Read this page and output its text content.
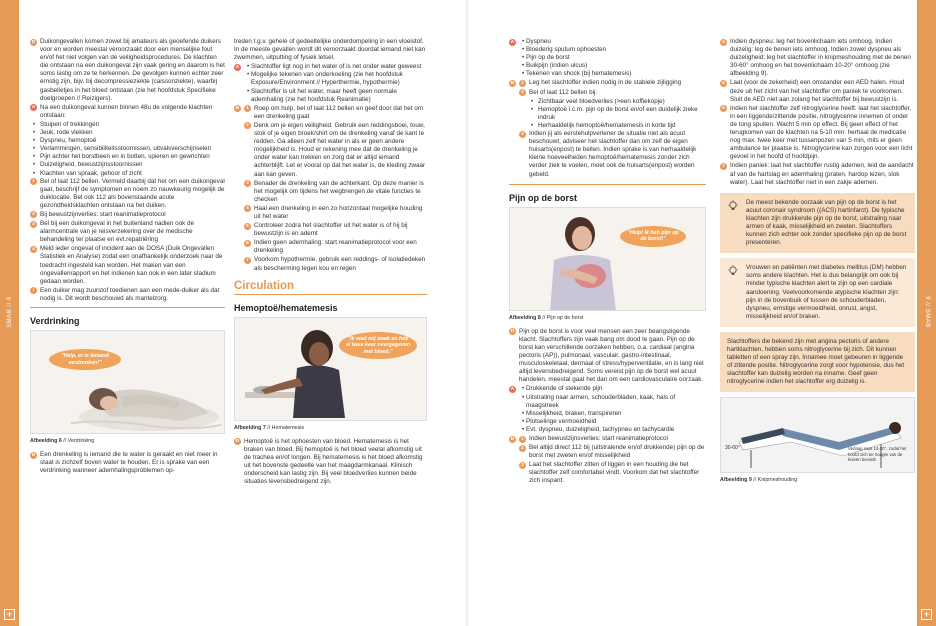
SMAB // 9
+
9 // SMAB
+
D Duikongevallen komen zowel bij amateurs als geoefende duikers voor en worden meestal veroorzaakt door een menselijke fout en/of het niet volgen van de veiligheidsprocedures. De klachten die ontstaan na een duikongeval zijn vaak gering en daarom is het soms lastig om ze te herkennen. De gevolgen kunnen echter zeer ernstig zijn, bijv. bij decompressieziekte (caissonziekte), waarbij gasbelletjes in het bloed ontstaan (zie het hoofdstuk Specifieke doelgroepen // Reizigers).
A Na een duikongeval kunnen binnen 48u de volgende klachten ontstaan:
• Stuipen of trekkingen
• Jeuk, rode vlekken
• Dyspneu, hemoptoë
• Verlammingen, sensibiliteitsstoornissen, uitvalsverschijnselen
• Pijn achter het borstbeen en in botten, spieren en gewrichten
• Duizeligheid, bewustzijnsstoornissen
• Klachten van spraak, gehoor of zicht
1 Bel of laat 112 bellen. Vermeld daarbij dat het om een duikongeval gaat, beschrijf de symptomen en noem zo nauwkeurig mogelijk de duiklocatie. Bel ook 112 als bovenstaande acute gezondheidsklachten ontstaan na het duiken.
2 Bij bewustzijnverlies: start reanimatieprotocol
3 Bel bij een duikongeval in het buitenland nadien ook de alarmcentrale van je reisverzekering over de medische behandeling ter plaatse en evt.repatriëring
4 Meld ieder ongeval of incident aan de DOSA (Duik Ongevallen Statistiek en Analyse) zodat een onafhankelijk onderzoek naar de toedracht ingesteld kan worden. Het maken van een ongevallenrapport en het indienen kan ook in een later stadium gedaan worden.
i Een duiker mag zuurstof toedienen aan een mede-duiker als dat nodig is. Dit wordt beschouwd als mantelzorg.
Verdrinking
"Help, er is iemand verdronken!"
Afbeelding 6 // Verdrinking
D Een drenkeling is iemand die te water is geraakt en niet meer in staat is zichzelf boven water te houden. Er is sprake van een verdrinking wanneer ademhalingsproblemen op-
treden t.g.v. gehele of gedeeltelijke onderdompeling in een vloeistof. In de meeste gevallen wordt dit veroorzaakt doordat iemand niet kan zwemmen, uitputting of fysiek letsel.
A	• Slachtoffer ligt nog in het water of is net onder water geweest
• Mogelijke tekenen van onderkoeling (zie het hoofdstuk Exposure/Environment // Hyperthermie, hypothermie)
• Slachtoffer is uit het water, maar heeft geen normale ademhaling (zie het hoofdstuk Reanimatie)
B	1 Roep om hulp, bel of laat 112 bellen en geef door dat het om een drenkeling gaat
2 Denk om je eigen veiligheid. Gebruik een reddingsboei, touw, stok of je eigen broek/shirt om de drenkeling vanaf de kant te redden. Ga alleen zelf het water in als er geen andere mogelijkheid is. Houd er rekening mee dat de drenkeling je onder water kan trekken en zorg dat er altijd iemand achterblijft. Let er vooral op dat het water is, de kleding zwaar aan kan geven.
3 Benader de drenkeling van de achterkant. Op deze manier is het mogelijk om tijdens het wegbrengen de vitale functies te checken
4 Haal een drenkeling in een zo horizontaal mogelijke houding uit het water
5 Controleer zodra het slachtoffer uit het water is of hij bij bewustzijn is en ademt
6 Indien geen ademhaling: start reanimatieprotocol voor een drenkeling
7 Voorkom hypothermie, gebruik een reddings- of isolatiedeken als bescherming tegen kou en regen
Circulation
Hemoptoë/hematemesis
"Ik voel mij zwak en heb al twee keer overgegeven met bloed."
Afbeelding 7 // Hematemesis
D Hemoptoë is het ophoesten van bloed. Hematemesis is het braken van bloed. Bij hemoptoë is het bloed veelal afkomstig uit de trachea en/of longen. Bij hematemesis is het bloed afkomstig uit het bovenste gedeelte van het maagdarmkanaal. Klinisch onderscheid kan lastig zijn. Bij veel bloedverlies kunnen beide situaties levensbedreigend zijn.
A	• Dyspneu
• Bloederig sputum ophoesten
• Pijn op de borst
• Buikpijn (indien ulcus)
• Tekenen van shock (bij hematemesis)
B	1 Leg het slachtoffer indien nodig in de stabiele zijligging
2 Bel of laat 112 bellen bij:
• Zichtbaar veel bloedverlies (>een koffiekopje)
• Hemoptoë i.c.m. pijn op de borst en/of een duidelijk zieke indruk
• Herhaaldelijk hemoptoë/hematemesis in korte tijd
3 Indien jij als eerstehulpverlener de situatie niet als acuut beschouwt, adviseer het slachtoffer dan om zelf de eigen huisarts(enpost) te bellen. Indien sprake is van herhaaldelijk kleine hoeveelheden hemoptoë/hematemesis zonder zich verder ziek te voelen, moet ook de huisarts(enpost) worden gebeld.
Pijn op de borst
"Help! Ik heb pijn op de borst!"
Afbeelding 8 // Pijn op de borst
D Pijn op de borst is voor veel mensen een zeer beangstigende klacht. Slachtoffers zijn vaak bang om dood te gaan. Pijn op de borst kan verschillende oorzaken hebben, o.a. cardiaal (angina pectoris (AP)), pulmonaal, vasculair, gastro-intestinaal, musculoskeletaal, dermaal of stress/hyperventilatie, en is lang niet altijd levensbedreigend. Soms vereist pijn op de borst wel acuut handelen, meestal gaat het dan om een cardiovasculaire oorzaak.
A	• Drukkende of stekende pijn
• Uitstraling naar armen, schouderbladen, kaak, hals of maagstreek
• Misselijkheid, braken, transpireren
• Plotselinge vermoeidheid
• Evt. dyspneu, duizeligheid, tachypneu en tachycardie
B	1 Indien bewustzijnsverlies: start reanimatieprotocol
2 Bel altijd direct 112 bij (uitstralende en/of drukkende) pijn op de borst met zweten en/of misselijkheid
3 Laat het slachtoffer zitten of liggen in een houding die het slachtoffer zelf comfortabel vindt. Voorkom dat het slachtoffer zich inspant.
4 Indien dyspneu: leg het bovenlichaam iets omhoog. Indien duizelig: leg de benen iets omhoog. Indien zowel dyspneu als duizeligheid: leg het slachtoffer in knipmeshouding met de benen 30-60° omhoog en het bovenlichaam 10-20° omhoog (zie afbeelding 9).
5 Laat (voor de zekerheid) een omstander een AED halen. Houd deze uit het zicht van het slachtoffer om paniek te voorkomen. Sluit de AED niet aan zolang het slachtoffer bij bewustzijn is.
6 Indien het slachtoffer zelf nitroglycerine heeft: laat het slachtoffer, in een liggende/zittende positie, nitroglycerine innemen of onder de tong spuiten. Wacht 5 min op effect. Bij geen effect of het terugkomen van de klachten na 5-10 min: herhaal de medicatie nog max. twee keer met tussenpozen van 5 min, mits er geen ambulance ter plaatse is. Nitroglycerine kan zorgen voor een licht gevoel in het hoofd of hoofdpijn.
7 Indien paniek: laat het slachtoffer rustig ademen, leid de aandacht af van de hartslag en ademhaling (praten, hardop lezen, slok water). Laat het slachtoffer niet in een zakje ademen.
De meest bekende oorzaak van pijn op de borst is het acuut coronair syndroom ((ACS) hartinfarct). De typische klachten zijn drukkende pijn op de borst, uitstraling naar armen of kaak, misselijkheid en zweten. Slachtoffers kunnen zich echter ook zonder specifieke pijn op de borst presenteren.
Vrouwen en patiënten met diabetes mellitus (DM) hebben soms andere klachten. Het is dus belangrijk om ook bij minder typische klachten alert te zijn op een cardiale aandoening. Veelvoorkomende atypische klachten zijn: pijn in de bovenbuik of tussen de schouderbladen, dyspneu, ernstige vermoeidheid, onrust, angst, misselijkheid en/of braken.
Slachtoffers die bekend zijn met angina pectoris of andere hartklachten, hebben soms nitroglycerine bij zich. Dit kunnen tabletten of een spray zijn. Innamee moet gebeuren in liggende of zittende positie. Nitroglycerine zorgt voor hypotensie, dus het slachtoffer kan duizelig worden na inname. Geef geen nitroglycerine indien het slachtoffer erg duizelig is.
30-60°	Verlaag naar 10-20°, zodat het hoofd zich ter hoogte van de knieën bevindt
Afbeelding 9 // Knipmeshouding
